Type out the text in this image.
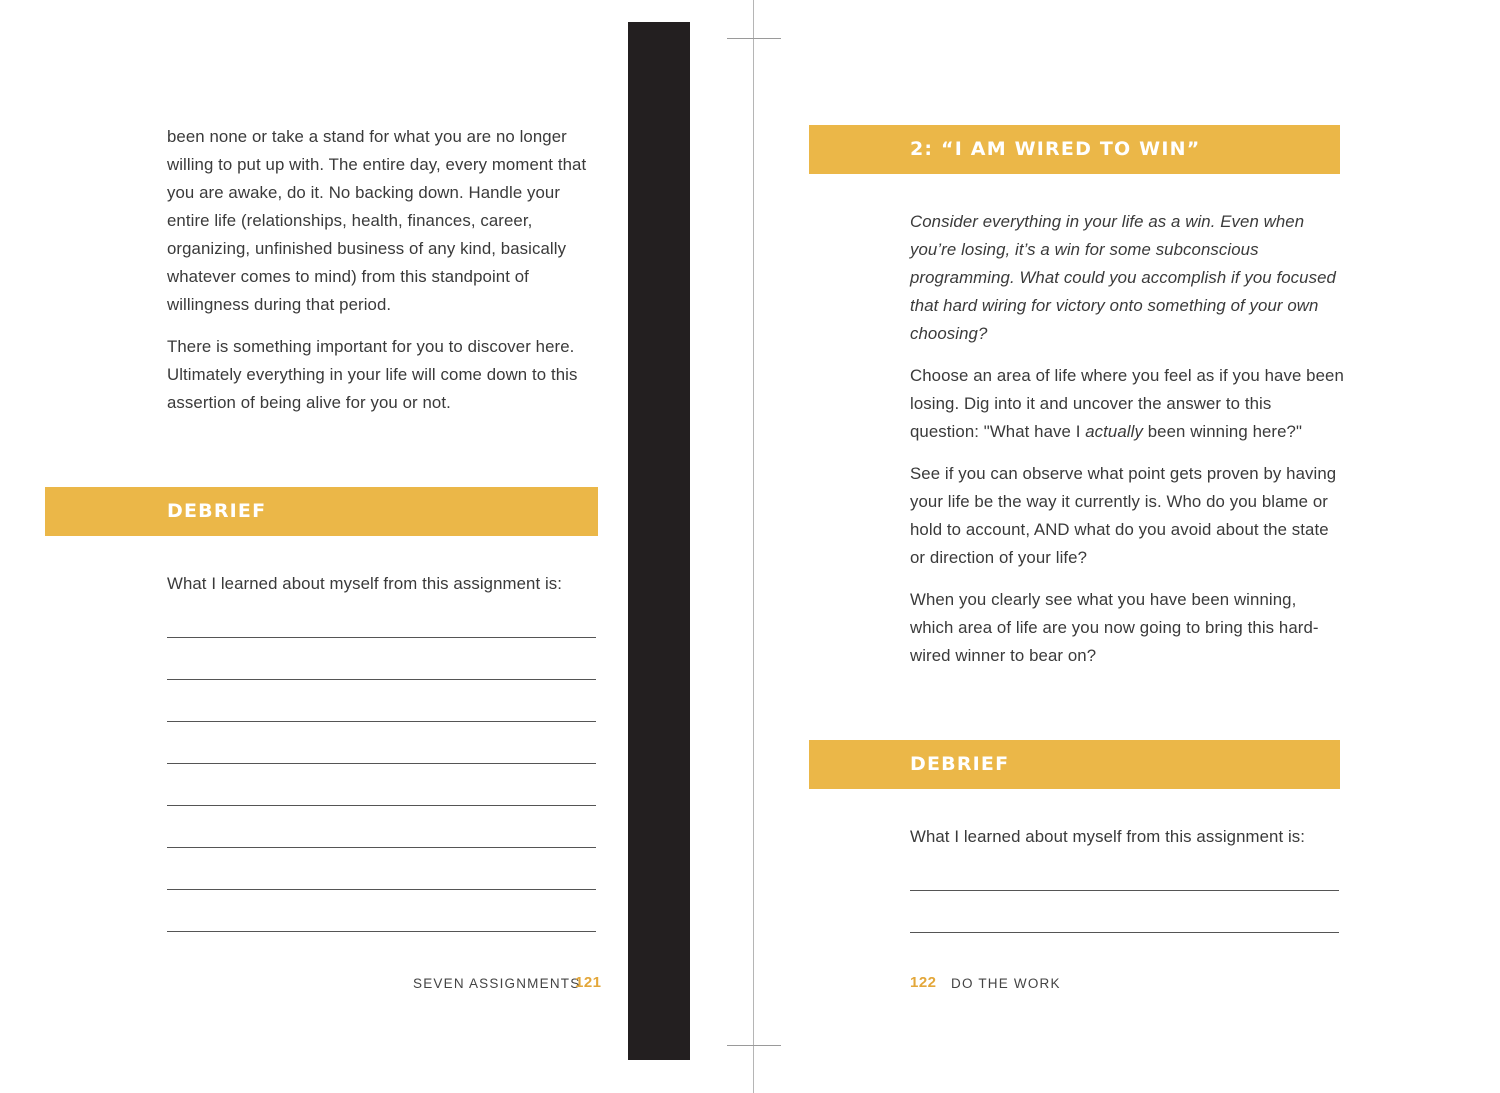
been none or take a stand for what you are no longer willing to put up with. The entire day, every moment that you are awake, do it. No backing down. Handle your entire life (relationships, health, finances, career, organizing, unfinished business of any kind, basically whatever comes to mind) from this standpoint of willingness during that period.

There is something important for you to discover here. Ultimately everything in your life will come down to this assertion of being alive for you or not.

DEBRIEF

What I learned about myself from this assignment is:

SEVEN ASSIGNMENTS
121
2: “I AM WIRED TO WIN”

Consider everything in your life as a win. Even when you’re losing, it’s a win for some subconscious programming. What could you accomplish if you focused that hard wiring for victory onto something of your own choosing?

Choose an area of life where you feel as if you have been losing. Dig into it and uncover the answer to this question: "What have I actually been winning here?"

See if you can observe what point gets proven by having your life be the way it currently is. Who do you blame or hold to account, AND what do you avoid about the state or direction of your life?

When you clearly see what you have been winning, which area of life are you now going to bring this hard-wired winner to bear on?

DEBRIEF

What I learned about myself from this assignment is:

122 DO THE WORK
